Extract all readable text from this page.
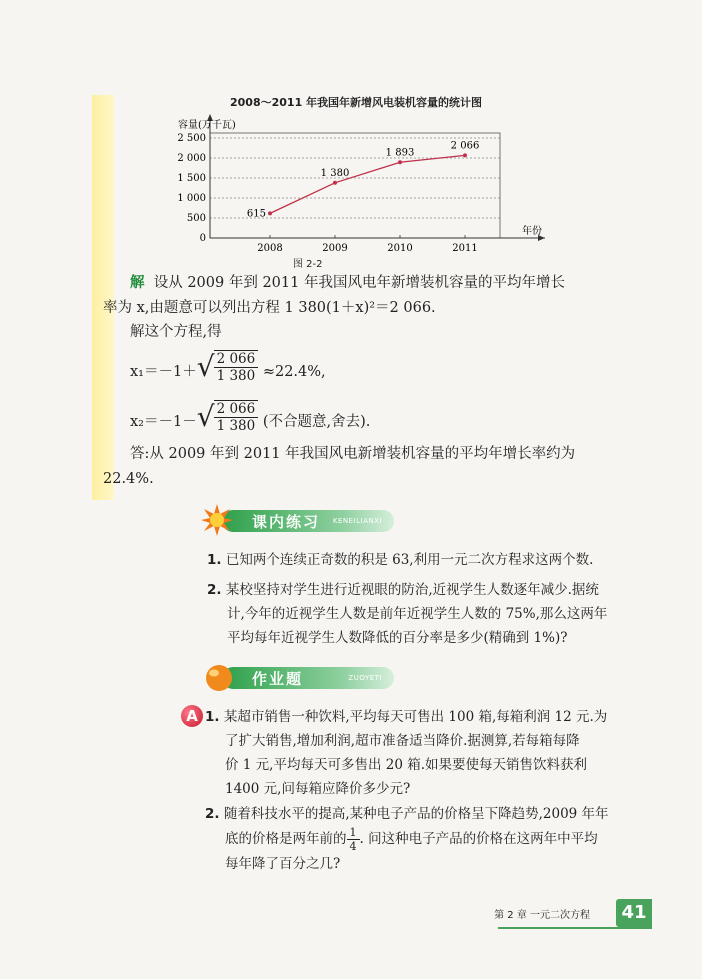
2008～2011 年我国年新增风电装机容量的统计图
0
500
1 000
1 500
2 000
2 500
容量(万千瓦)
年份
2008	2009	2010	2011
615
1 380
1 893
2 066
图 2-2
解 设从 2009 年到 2011 年我国风电年新增装机容量的平均年增长
率为 x,由题意可以列出方程 1 380(1＋x)²＝2 066.
解这个方程,得
x₁＝－1＋ √ $\frac{2 066}{1 380} \approx 22.4\%$,
x₂＝－1－ √ $\frac{2 066}{1 380}$ (不合题意,舍去).
答:从 2009 年到 2011 年我国风电新增装机容量的平均年增长率约为
22.4%.
课内练习 KENEILIANXI
1. 已知两个连续正奇数的积是 63,利用一元二次方程求这两个数.
2. 某校坚持对学生进行近视眼的防治,近视学生人数逐年减少.据统
计,今年的近视学生人数是前年近视学生人数的 75%,那么这两年
平均每年近视学生人数降低的百分率是多少(精确到 1%)?
作业题	ZUOYETI
A 1. 某超市销售一种饮料,平均每天可售出 100 箱,每箱利润 12 元.为
了扩大销售,增加利润,超市准备适当降价.据测算,若每箱每降
价 1 元,平均每天可多售出 20 箱.如果要使每天销售饮料获利
1400 元,问每箱应降价多少元?
2. 随着科技水平的提高,某种电子产品的价格呈下降趋势,2009 年年
底的价格是两年前的 $\frac{1}{4}$ . 问这种电子产品的价格在这两年中平均
每年降了百分之几?
第 2 章 一元二次方程	41
